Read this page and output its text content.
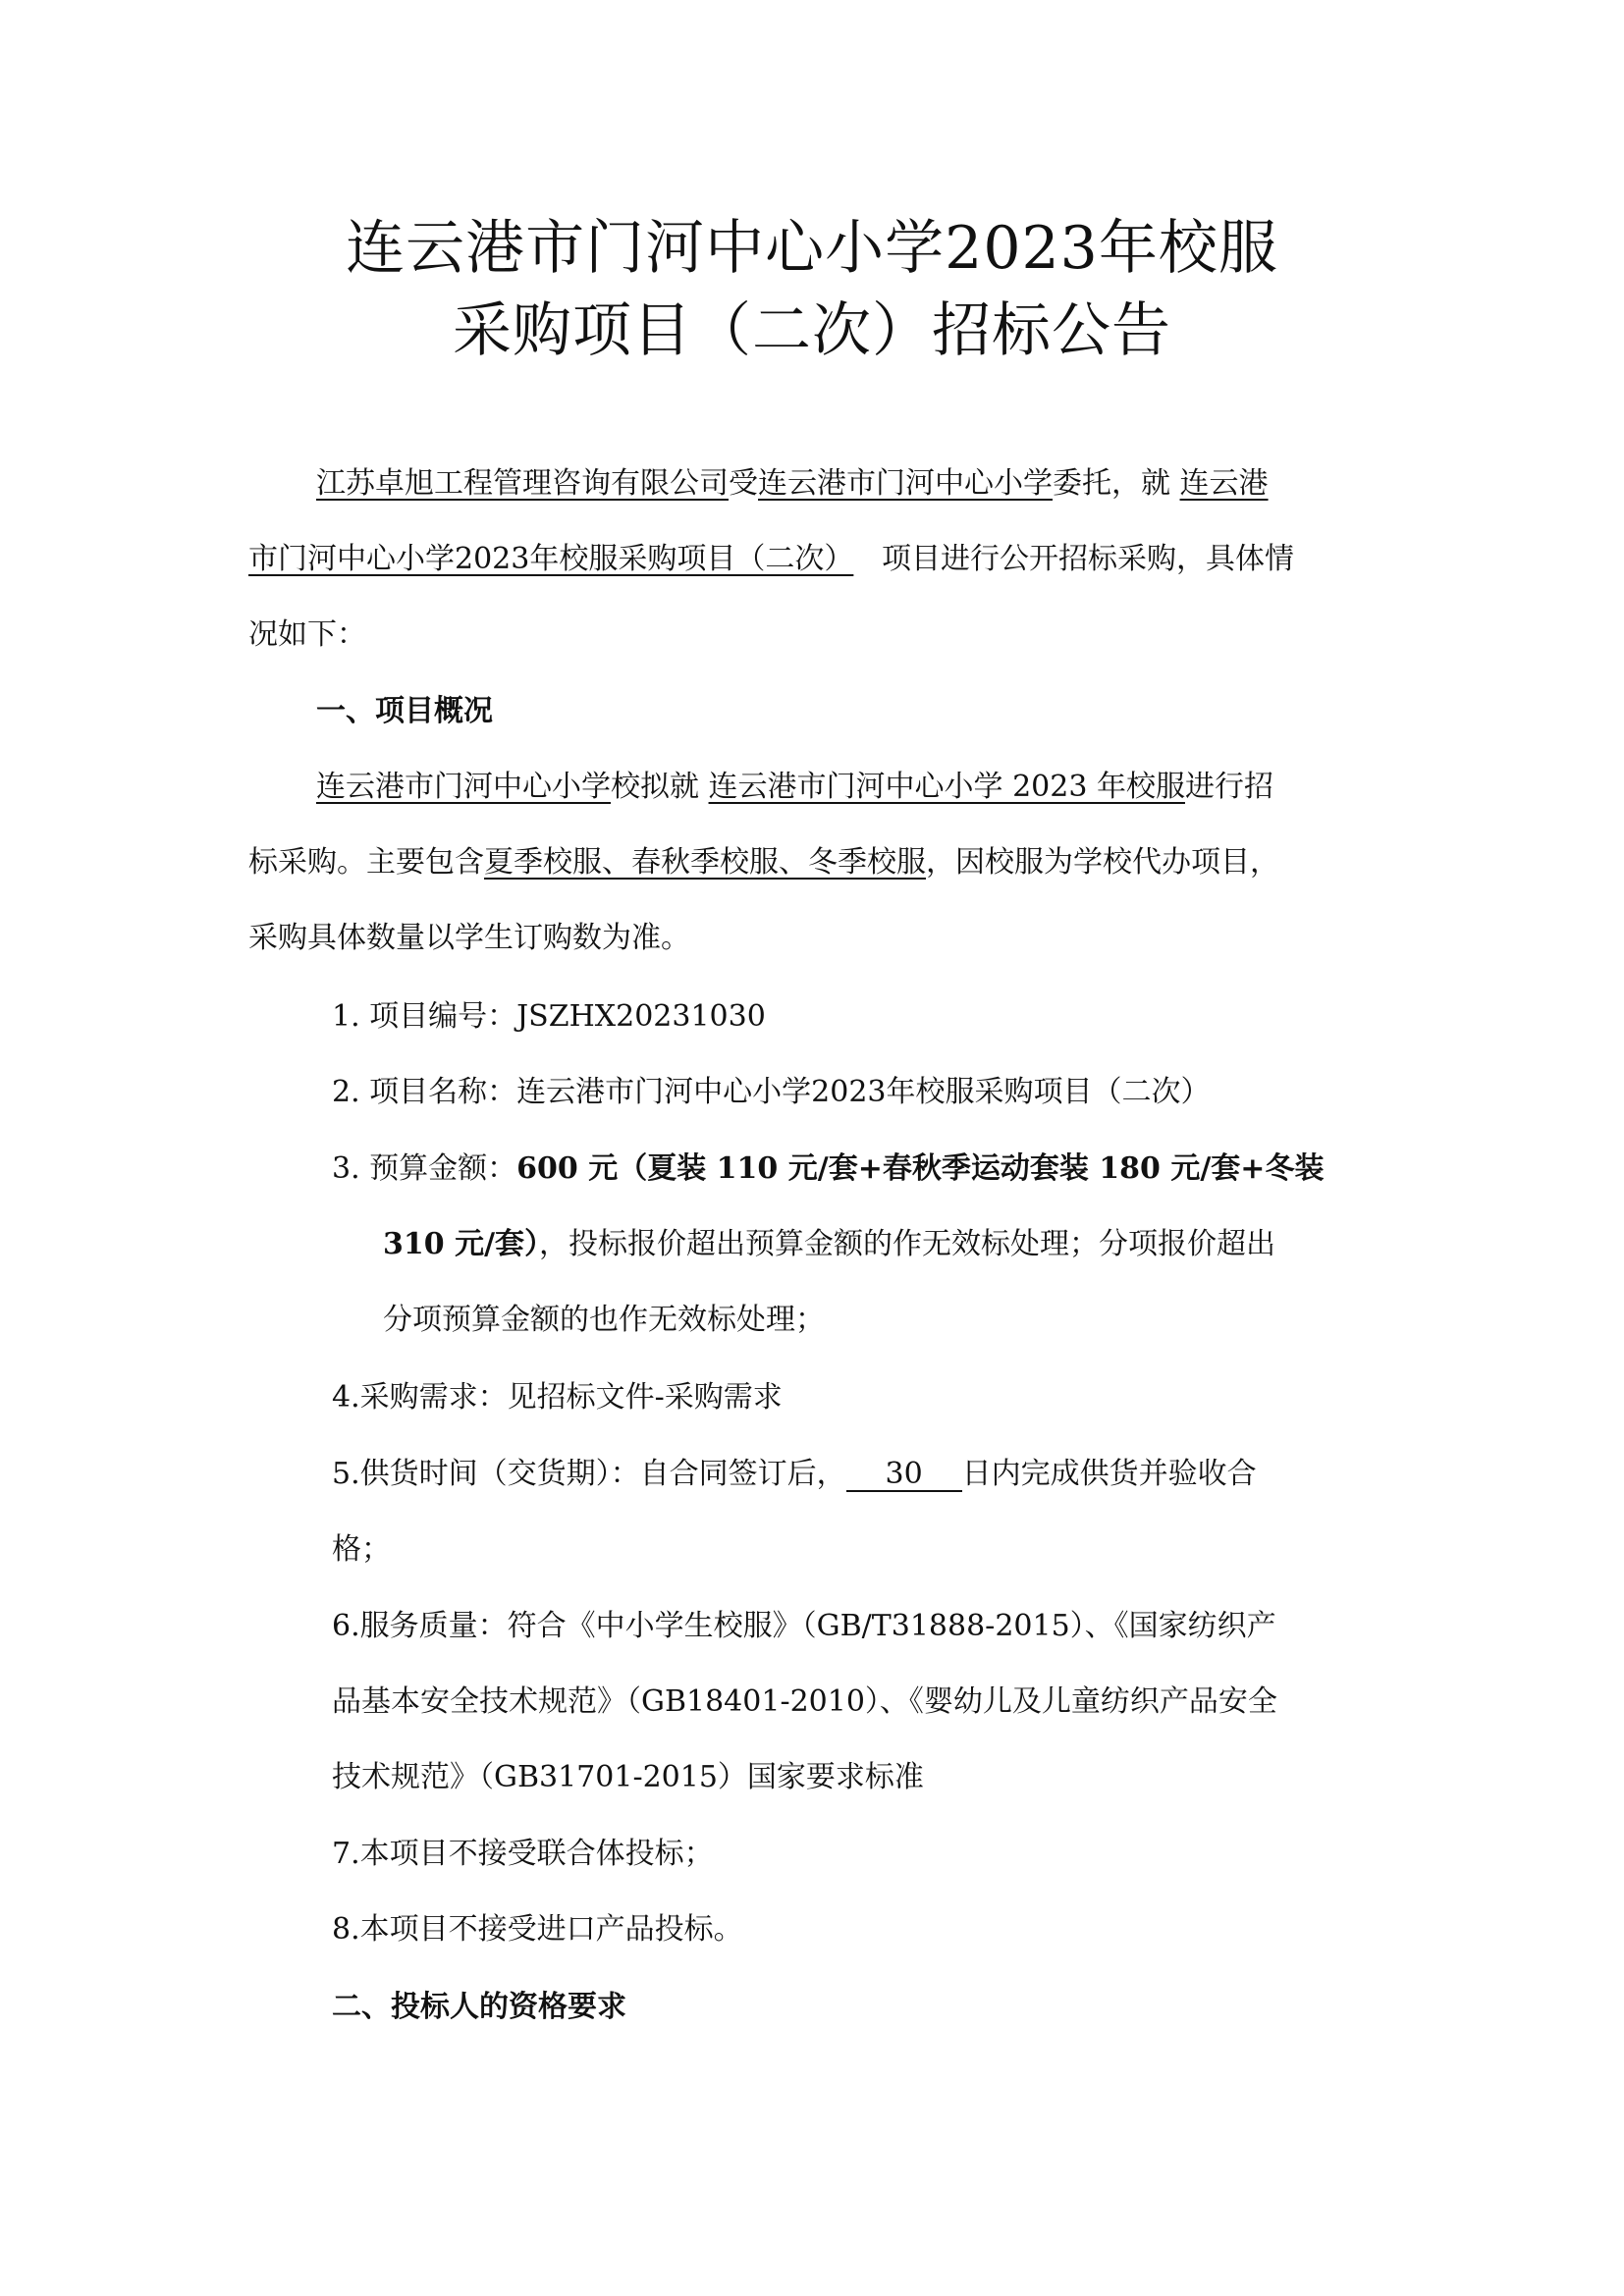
连云港市门河中心小学2023年校服
采购项目（二次）招标公告
江苏卓旭工程管理咨询有限公司受连云港市门河中心小学委托，就 连云港
市门河中心小学2023年校服采购项目（二次） 项目进行公开招标采购，具体情
况如下：
一、项目概况
连云港市门河中心小学校拟就 连云港市门河中心小学 2023 年校服进行招
标采购。主要包含夏季校服、春秋季校服、冬季校服，因校服为学校代办项目，
采购具体数量以学生订购数为准。
1. 项目编号：JSZHX20231030
2. 项目名称：连云港市门河中心小学2023年校服采购项目（二次）
3. 预算金额：600 元（夏装 110 元/套+春秋季运动套装 180 元/套+冬装
310 元/套），投标报价超出预算金额的作无效标处理；分项报价超出
分项预算金额的也作无效标处理；
4.采购需求：见招标文件-采购需求
5.供货时间（交货期）：自合同签订后， 30 日内完成供货并验收合
格；
6.服务质量：符合《中小学生校服》（GB/T31888-2015）、《国家纺织产
品基本安全技术规范》（GB18401-2010）、《婴幼儿及儿童纺织产品安全
技术规范》（GB31701-2015）国家要求标准
7.本项目不接受联合体投标；
8.本项目不接受进口产品投标。
二、投标人的资格要求
